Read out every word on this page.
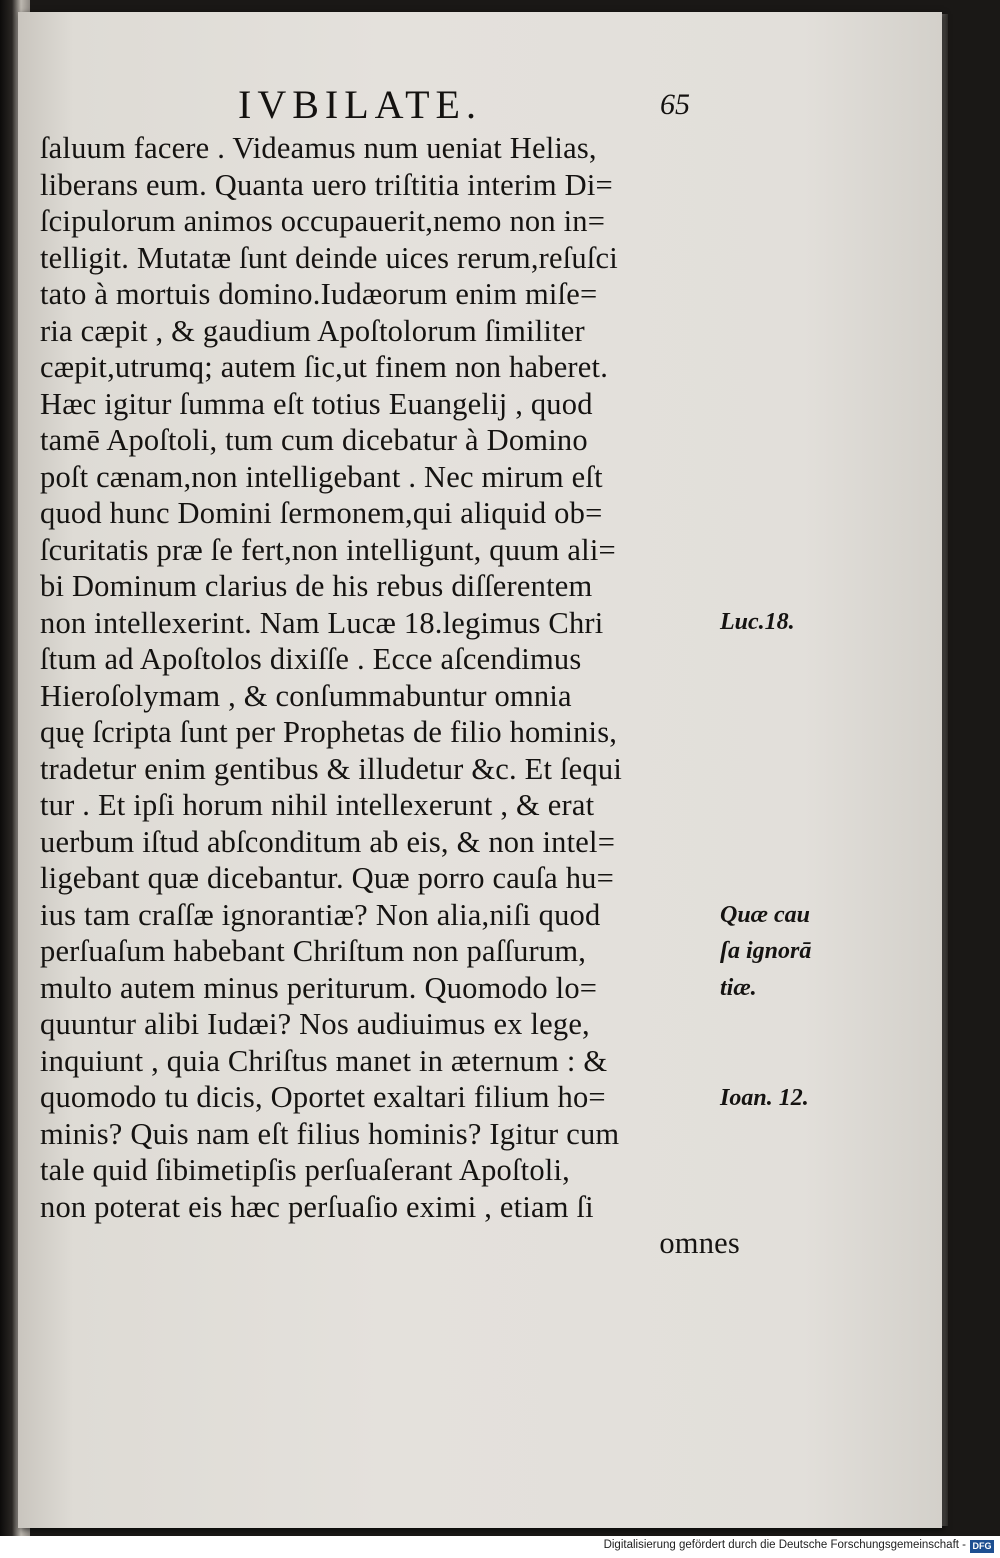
IVBILATE.	65
ſaluum facere . Videamus num ueniat Helias,
liberans eum. Quanta uero triſtitia interim Di=
ſcipulorum animos occupauerit,nemo non in=
telligit. Mutatæ ſunt deinde uices rerum,reſuſci
tato à mortuis domino.Iudæorum enim miſe=
ria cæpit , & gaudium Apoſtolorum ſimiliter
cæpit,utrumq; autem ſic,ut finem non haberet.
Hæc igitur ſumma eſt totius Euangelij , quod
tamē Apoſtoli, tum cum dicebatur à Domino
poſt cænam,non intelligebant . Nec mirum eſt
quod hunc Domini ſermonem,qui aliquid ob=
ſcuritatis præ ſe fert,non intelligunt, quum ali=
bi Dominum clarius de his rebus diſſerentem
non intellexerint. Nam Lucæ 18.legimus Chri
ſtum ad Apoſtolos dixiſſe . Ecce aſcendimus
Hieroſolymam , & conſummabuntur omnia
quę ſcripta ſunt per Prophetas de filio hominis,
tradetur enim gentibus & illudetur &c. Et ſequi
tur . Et ipſi horum nihil intellexerunt , & erat
uerbum iſtud abſconditum ab eis, & non intel=
ligebant quæ dicebantur. Quæ porro cauſa hu=
ius tam craſſæ ignorantiæ? Non alia,niſi quod
perſuaſum habebant Chriſtum non paſſurum,
multo autem minus periturum. Quomodo lo=
quuntur alibi Iudæi? Nos audiuimus ex lege,
inquiunt , quia Chriſtus manet in æternum : &
quomodo tu dicis, Oportet exaltari filium ho=
minis? Quis nam eſt filius hominis? Igitur cum
tale quid ſibimetipſis perſuaſerant Apoſtoli,
non poterat eis hæc perſuaſio eximi , etiam ſi
omnes
Luc.18.
Quæ cau
ſa ignorā
tiæ.
Ioan. 12.
Digitalisierung gefördert durch die Deutsche Forschungsgemeinschaft - DFG
